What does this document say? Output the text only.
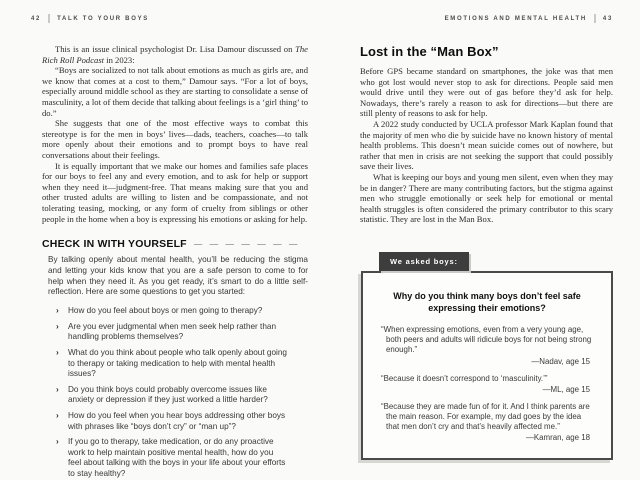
42	TALK TO YOUR BOYS	EMOTIONS AND MENTAL HEALTH	43

This is an issue clinical psychologist Dr. Lisa Damour discussed on The Rich Roll Podcast in 2023:

“Boys are socialized to not talk about emotions as much as girls are, and we know that comes at a cost to them,” Damour says. “For a lot of boys, especially around middle school as they are starting to consolidate a sense of masculinity, a lot of them decide that talking about feelings is a ‘girl thing’ to do.”

She suggests that one of the most effective ways to combat this stereotype is for the men in boys’ lives—dads, teachers, coaches—to talk more openly about their emotions and to prompt boys to have real conversations about their feelings.

It is equally important that we make our homes and families safe places for our boys to feel any and every emotion, and to ask for help or support when they need it—judgment-free. That means making sure that you and other trusted adults are willing to listen and be compassionate, and not tolerating teasing, mocking, or any form of cruelty from siblings or other people in the home when a boy is expressing his emotions or asking for help.

CHECK IN WITH YOURSELF — — — — — — —

By talking openly about mental health, you’ll be reducing the stigma and letting your kids know that you are a safe person to come to for help when they need it. As you get ready, it’s smart to do a little self-reflection. Here are some questions to get you started:

› How do you feel about boys or men going to therapy?
› Are you ever judgmental when men seek help rather than handling problems themselves?
› What do you think about people who talk openly about going to therapy or taking medication to help with mental health issues?
› Do you think boys could probably overcome issues like anxiety or depression if they just worked a little harder?
› How do you feel when you hear boys addressing other boys with phrases like “boys don’t cry” or “man up”?
› If you go to therapy, take medication, or do any proactive work to help maintain positive mental health, how do you feel about talking with the boys in your life about your efforts to stay healthy?
Lost in the “Man Box”

Before GPS became standard on smartphones, the joke was that men who got lost would never stop to ask for directions. People said men would drive until they were out of gas before they’d ask for help. Nowadays, there’s rarely a reason to ask for directions—but there are still plenty of reasons to ask for help.

A 2022 study conducted by UCLA professor Mark Kaplan found that the majority of men who die by suicide have no known history of mental health problems. This doesn’t mean suicide comes out of nowhere, but rather that men in crisis are not seeking the support that could possibly save their lives.

What is keeping our boys and young men silent, even when they may be in danger? There are many contributing factors, but the stigma against men who struggle emotionally or seek help for emotional or mental health struggles is often considered the primary contributor to this scary statistic. They are lost in the Man Box.

We asked boys:

Why do you think many boys don’t feel safe expressing their emotions?

“When expressing emotions, even from a very young age, both peers and adults will ridicule boys for not being strong enough.”

—Nadav, age 15

“Because it doesn’t correspond to ‘masculinity.’”

—ML, age 15

“Because they are made fun of for it. And I think parents are the main reason. For example, my dad goes by the idea that men don’t cry and that’s heavily affected me.”

—Kamran, age 18
